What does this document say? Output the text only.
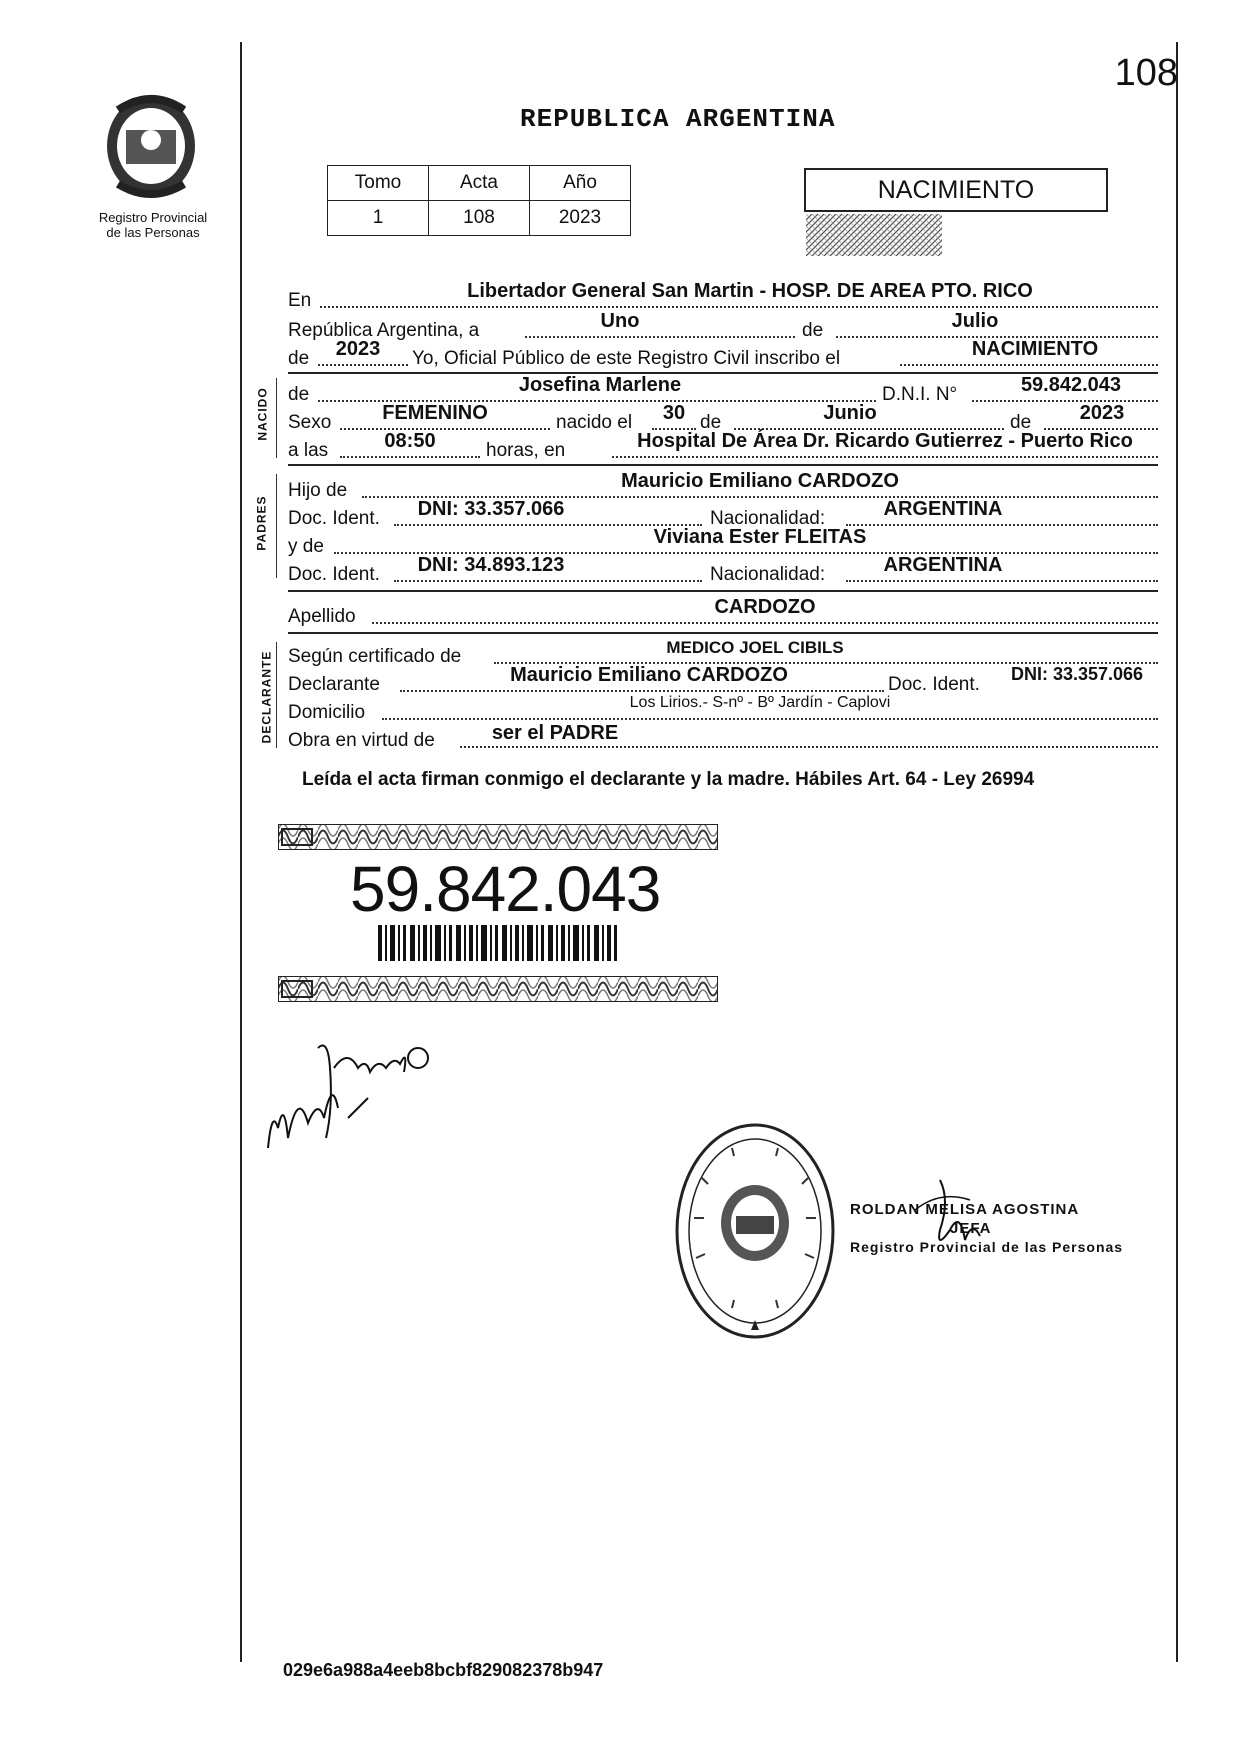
108
REPUBLICA ARGENTINA
Registro Provincial
de las Personas
Tomo	Acta	Año
1	108	2023
NACIMIENTO
En	Libertador General San Martin - HOSP. DE AREA PTO. RICO
República Argentina, a	Uno	de	Julio
de	2023	Yo, Oficial Público de este Registro Civil inscribo el	NACIMIENTO
NACIDO de	Josefina Marlene	D.N.I. N°	59.842.043
Sexo	FEMENINO	nacido el	30 de	Junio	de	2023
a las	08:50	horas, en	Hospital De Área Dr. Ricardo Gutierrez - Puerto Rico
PADRES
Hijo de	Mauricio Emiliano CARDOZO
Doc. Ident.	DNI: 33.357.066	Nacionalidad:	ARGENTINA
y de	Viviana Ester FLEITAS
Doc. Ident.	DNI: 34.893.123	Nacionalidad:	ARGENTINA
Apellido	CARDOZO
DECLARANTE Según certificado de	MEDICO JOEL CIBILS
Declarante	Mauricio Emiliano CARDOZO	Doc. Ident.	DNI: 33.357.066
Domicilio	Los Lirios.- S-nº - Bº Jardín - Caplovi
Obra en virtud de	ser el PADRE
Leída el acta firman conmigo el declarante y la madre. Hábiles Art. 64 - Ley 26994
59.842.043
ROLDAN MELISA AGOSTINA
JEFA
Registro Provincial de las Personas
029e6a988a4eeb8bcbf829082378b947
